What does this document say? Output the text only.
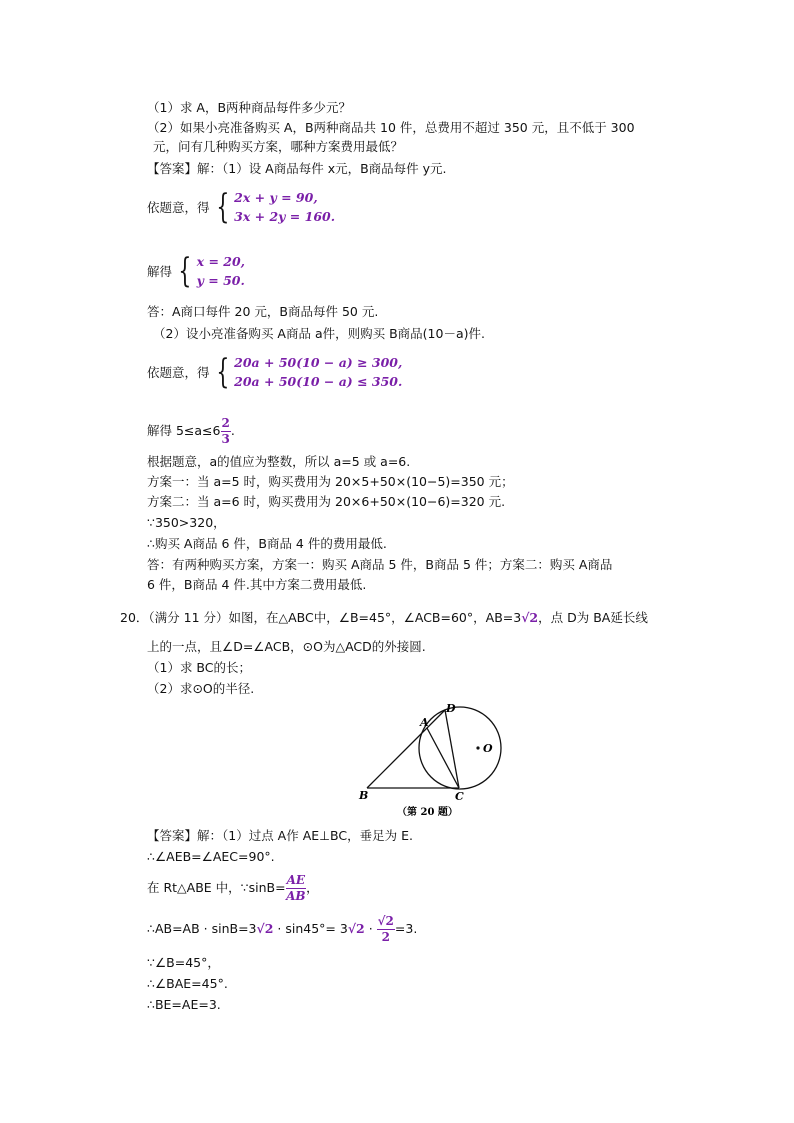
（1）求 A，B两种商品每件多少元？
（2）如果小亮准备购买 A，B两种商品共 10 件，总费用不超过 350 元，且不低于 300
元，问有几种购买方案，哪种方案费用最低？
【答案】解：（1）设 A商品每件 x元，B商品每件 y元.
依题意，得 { 2x + y = 90,
3x + 2y = 160.
解得 { x = 20,
y = 50.
答：A商口每件 20 元，B商品每件 50 元.
（2）设小亮准备购买 A商品 a件，则购买 B商品(10－a)件.
依题意，得 { 20a + 50(10 − a) ≥ 300,
20a + 50(10 − a) ≤ 350.
解得 $5\le a\le 6 \frac{2}{3}$ .
根据题意，a的值应为整数，所以 a=5 或 a=6.
方案一：当 a=5 时，购买费用为 20×5+50×(10−5)=350 元；
方案二：当 a=6 时，购买费用为 20×6+50×(10−6)=320 元.
∵350>320，
∴购买 A商品 6 件，B商品 4 件的费用最低.
答：有两种购买方案，方案一：购买 A商品 5 件，B商品 5 件；方案二：购买 A商品
6 件，B商品 4 件.其中方案二费用最低.
20．（满分 11 分）如图，在△ABC中，∠B=45°，∠ACB=60°，AB=3√2，点 D为 BA延长线
上的一点，且∠D=∠ACB，⊙O为△ACD的外接圆.
（1）求 BC的长；
（2）求⊙O的半径.
A
D
O
B	C
（第 20 题）
【答案】解：（1）过点 A作 AE⊥BC，垂足为 E.
∴∠AEB=∠AEC=90°.
在 Rt△ABE 中，∵sinB= $\frac{AE}{AB}$ ，
∴AB=AB · $\sin B=3√2 \cdot \sin 45^\circ= 3√2 \cdot \frac{√2}{2} =3$.
∵∠B=45°，
∴∠BAE=45°.
∴BE=AE=3.
